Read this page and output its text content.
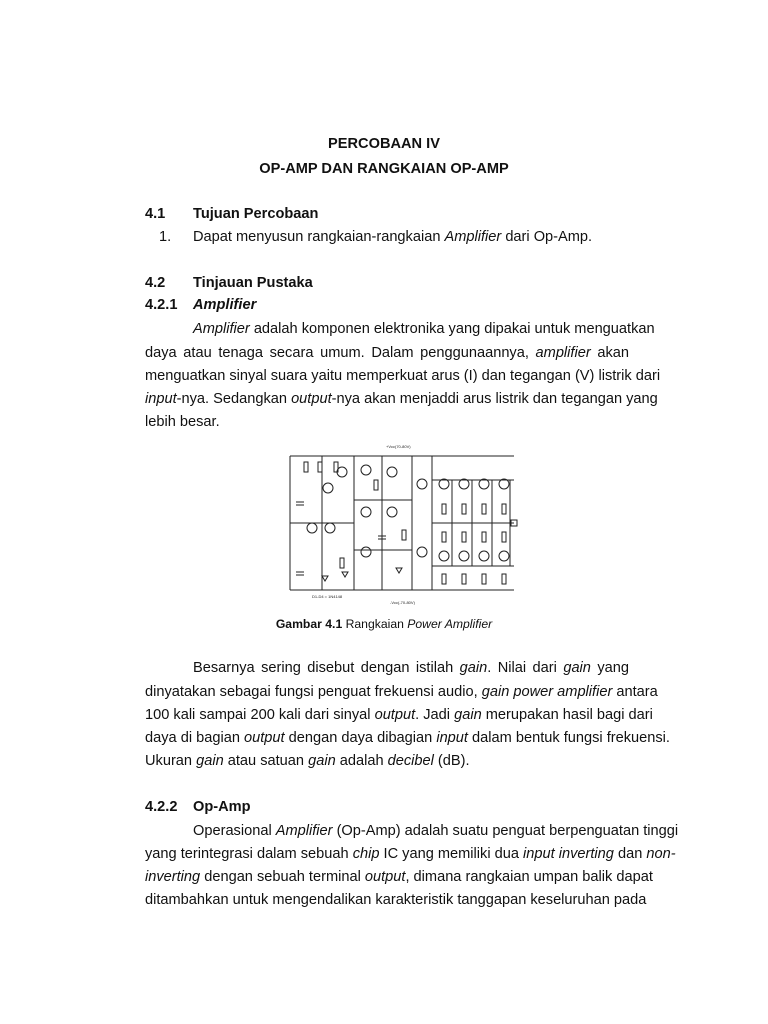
PERCOBAAN IV
OP-AMP DAN RANGKAIAN OP-AMP
4.1 Tujuan Percobaan
1. Dapat menyusun rangkaian-rangkaian Amplifier dari Op-Amp.
4.2 Tinjauan Pustaka
4.2.1 Amplifier
Amplifier adalah komponen elektronika yang dipakai untuk menguatkan
daya atau tenaga secara umum. Dalam penggunaannya, amplifier akan
menguatkan sinyal suara yaitu memperkuat arus (I) dan tegangan (V) listrik dari
input-nya. Sedangkan output-nya akan menjaddi arus listrik dan tegangan yang
lebih besar.
+Vcc(70-80V)
-Vcc(-70-80V)
D1-D4 = 1N4148
Gambar 4.1 Rangkaian Power Amplifier
Besarnya sering disebut dengan istilah gain. Nilai dari gain yang
dinyatakan sebagai fungsi penguat frekuensi audio, gain power amplifier antara
100 kali sampai 200 kali dari sinyal output. Jadi gain merupakan hasil bagi dari
daya di bagian output dengan daya dibagian input dalam bentuk fungsi frekuensi.
Ukuran gain atau satuan gain adalah decibel (dB).
4.2.2 Op-Amp
Operasional Amplifier (Op-Amp) adalah suatu penguat berpenguatan tinggi
yang terintegrasi dalam sebuah chip IC yang memiliki dua input inverting dan non-
inverting dengan sebuah terminal output, dimana rangkaian umpan balik dapat
ditambahkan untuk mengendalikan karakteristik tanggapan keseluruhan pada
